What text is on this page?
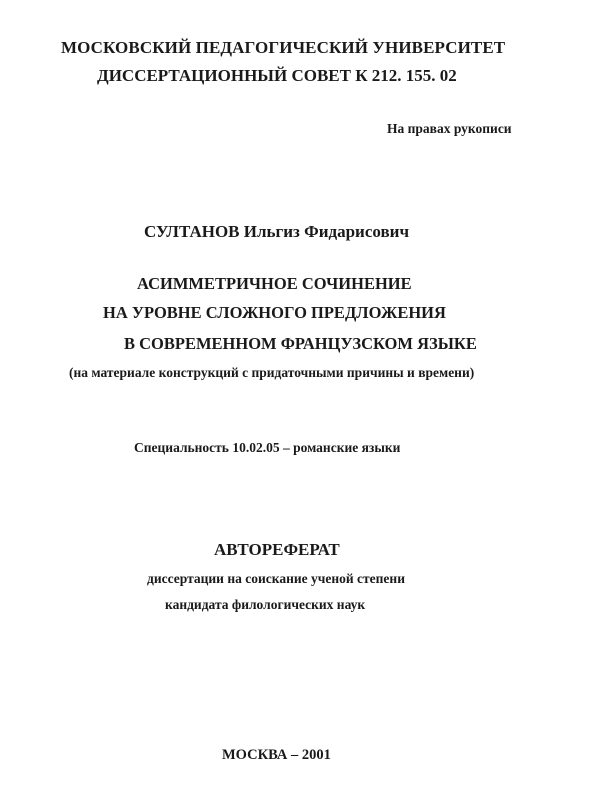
МОСКОВСКИЙ ПЕДАГОГИЧЕСКИЙ УНИВЕРСИТЕТ
ДИССЕРТАЦИОННЫЙ СОВЕТ К 212. 155. 02
На правах рукописи
СУЛТАНОВ Ильгиз Фидарисович
АСИММЕТРИЧНОЕ СОЧИНЕНИЕ
НА УРОВНЕ СЛОЖНОГО ПРЕДЛОЖЕНИЯ
В СОВРЕМЕННОМ ФРАНЦУЗСКОМ ЯЗЫКЕ
(на материале конструкций с придаточными причины и времени)
Специальность 10.02.05 – романские языки
АВТОРЕФЕРАТ
диссертации на соискание ученой степени
кандидата филологических наук
МОСКВА – 2001
